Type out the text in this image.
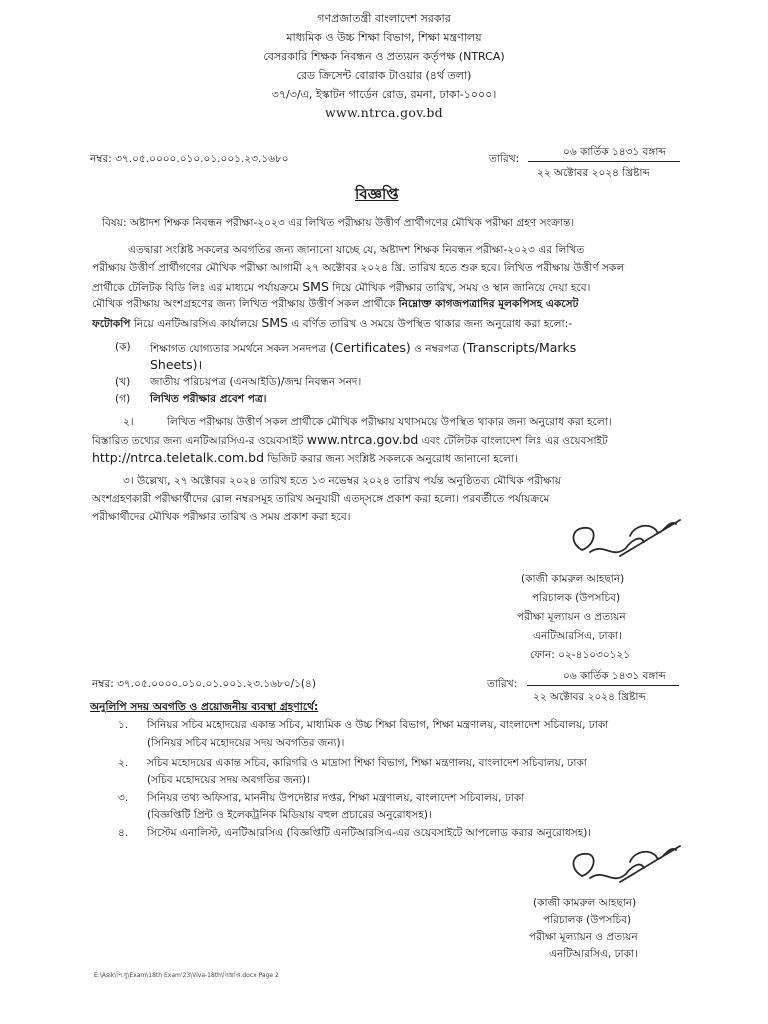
গণপ্রজাতন্ত্রী বাংলাদেশ সরকার
মাধ্যমিক ও উচ্চ শিক্ষা বিভাগ, শিক্ষা মন্ত্রণালয়
বেসরকারি শিক্ষক নিবন্ধন ও প্রত্যয়ন কর্তৃপক্ষ (NTRCA)
রেড ক্রিসেন্ট বোরাক টাওয়ার (৪র্থ তলা)
৩৭/৩/এ, ইস্কাটন গার্ডেন রোড, রমনা, ঢাকা-১০০০।
www.ntrca.gov.bd
নম্বর: ৩৭.০৫.০০০০.০১০.০১.০০১.২৩.১৬৮০	তারিখ:
০৬ কার্তিক ১৪৩১ বঙ্গাব্দ
২২ অক্টোবর ২০২৪ খ্রিষ্টাব্দ
বিজ্ঞপ্তি
বিষয়: অষ্টাদশ শিক্ষক নিবন্ধন পরীক্ষা-২০২৩ এর লিখিত পরীক্ষায় উত্তীর্ণ প্রার্থীগণের মৌখিক পরীক্ষা গ্রহণ সংক্রান্ত।
এতদ্বারা সংশ্লিষ্ট সকলের অবগতির জন্য জানানো যাচ্ছে যে, অষ্টাদশ শিক্ষক নিবন্ধন পরীক্ষা-২০২৩ এর লিখিত
পরীক্ষায় উত্তীর্ণ প্রার্থীগণের মৌখিক পরীক্ষা আগামী ২৭ অক্টোবর ২০২৪ খ্রি. তারিখ হতে শুরু হবে। লিখিত পরীক্ষায় উত্তীর্ণ সকল
প্রার্থীকে টেলিটক বিডি লিঃ এর মাধ্যমে পর্যায়ক্রমে SMS দিয়ে মৌখিক পরীক্ষার তারিখ, সময় ও স্থান জানিয়ে দেয়া হবে।
মৌখিক পরীক্ষায় অংশগ্রহণের জন্য লিখিত পরীক্ষায় উত্তীর্ণ সকল প্রার্থীকে নিম্নোক্ত কাগজপত্রাদির মূলকপিসহ একসেট
ফটোকপি নিয়ে এনটিআরসিএ কার্যালয়ে SMS এ বর্ণিত তারিখ ও সময়ে উপস্থিত থাকার জন্য অনুরোধ করা হলো:-
(ক) শিক্ষাগত যোগ্যতার সমর্থনে সকল সনদপত্র (Certificates) ও নম্বরপত্র (Transcripts/Marks
Sheets)।
(খ) জাতীয় পরিচয়পত্র (এনআইডি)/জন্ম নিবন্ধন সনদ।
(গ) লিখিত পরীক্ষার প্রবেশ পত্র।
২।	লিখিত পরীক্ষায় উত্তীর্ণ সকল প্রার্থীকে মৌখিক পরীক্ষায় যথাসময়ে উপস্থিত থাকার জন্য অনুরোধ করা হলো।
বিস্তারিত তথ্যের জন্য এনটিআরসিএ-র ওয়েবসাইট www.ntrca.gov.bd এবং টেলিটক বাংলাদেশ লিঃ এর ওয়েবসাইট
http://ntrca.teletalk.com.bd ভিজিট করার জন্য সংশ্লিষ্ট সকলকে অনুরোধ জানানো হলো।
৩। উল্লেখ্য, ২৭ অক্টোবর ২০২৪ তারিখ হতে ১৩ নভেম্বর ২০২৪ তারিখ পর্যন্ত অনুষ্ঠিতব্য মৌখিক পরীক্ষায়
অংশগ্রহণকারী পরীক্ষার্থীদের রোল নম্বরসমূহ তারিখ অনুযায়ী এতদ্সঙ্গে প্রকাশ করা হলো। পরবর্তীতে পর্যায়ক্রমে
পরীক্ষার্থীদের মৌখিক পরীক্ষার তারিখ ও সময় প্রকাশ করা হবে।
(কাজী কামরুল আহছান)
পরিচালক (উপসচিব)
পরীক্ষা মূল্যায়ন ও প্রত্যয়ন
এনটিআরসিএ, ঢাকা।
ফোন: ০২-৪১০৩০১২১
নম্বর: ৩৭.০৫.০০০০.০১০.০১.০০১.২৩.১৬৮০/১(৪)	তারিখ:
০৬ কার্তিক ১৪৩১ বঙ্গাব্দ
২২ অক্টোবর ২০২৪ খ্রিষ্টাব্দ
অনুলিপি সদয় অবগতি ও প্রয়োজনীয় ব্যবস্থা গ্রহণার্থে:
১. সিনিয়র সচিব মহোদয়ের একান্ত সচিব, মাধ্যমিক ও উচ্চ শিক্ষা বিভাগ, শিক্ষা মন্ত্রণালয়, বাংলাদেশ সচিবালয়, ঢাকা
(সিনিয়র সচিব মহোদয়ের সদয় অবগতির জন্য)।
২. সচিব মহোদয়ের একান্ত সচিব, কারিগরি ও মাদ্রাসা শিক্ষা বিভাগ, শিক্ষা মন্ত্রণালয়, বাংলাদেশ সচিবালয়, ঢাকা
(সচিব মহোদয়ের সদয় অবগতির জন্য)।
৩. সিনিয়র তথ্য অফিসার, মাননীয় উপদেষ্টার দপ্তর, শিক্ষা মন্ত্রণালয়, বাংলাদেশ সচিবালয়, ঢাকা
(বিজ্ঞপ্তিটি প্রিন্ট ও ইলেকট্রনিক মিডিয়ায় বহুল প্রচারের অনুরোধসহ)।
৪. সিস্টেম এনালিস্ট, এনটিআরসিএ (বিজ্ঞপ্তিটি এনটিআরসিএ-এর ওয়েবসাইটে আপলোড করার অনুরোধসহ)।
(কাজী কামরুল আহছান)
পরিচালক (উপসচিব)
পরীক্ষা মূল্যায়ন ও প্রত্যয়ন
এনটিআরসিএ, ঢাকা।
E:\Asik\পি.যু\Exam\18th Exam'23\Viva-18th\বিজ্ঞপ্তি.docx Page 2
